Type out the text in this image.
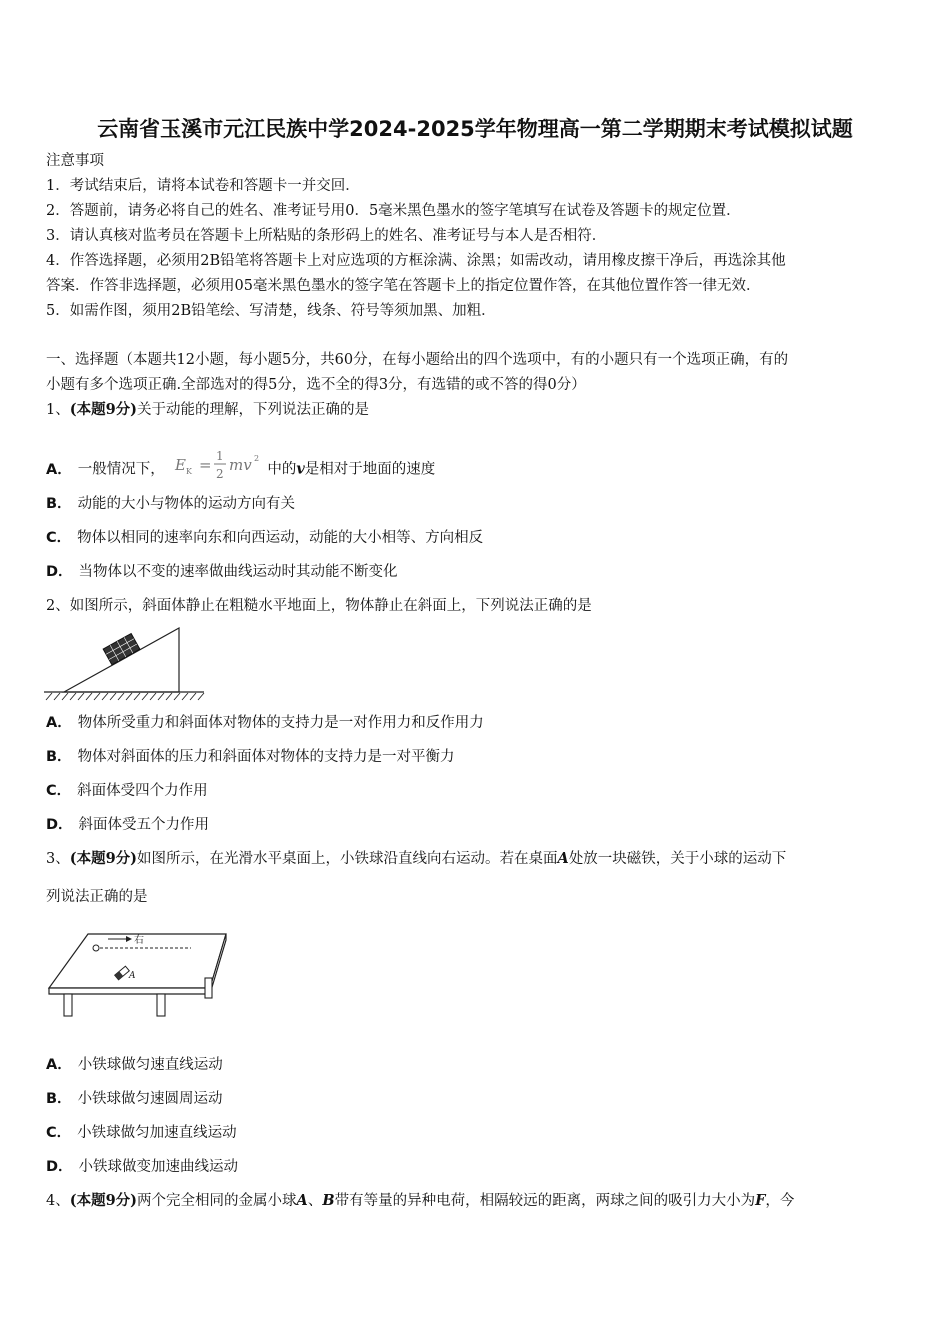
云南省玉溪市元江民族中学2024-2025学年物理高一第二学期期末考试模拟试题
注意事项
1．考试结束后，请将本试卷和答题卡一并交回．
2．答题前，请务必将自己的姓名、准考证号用0．5毫米黑色墨水的签字笔填写在试卷及答题卡的规定位置．
3．请认真核对监考员在答题卡上所粘贴的条形码上的姓名、准考证号与本人是否相符．
4．作答选择题，必须用2B铅笔将答题卡上对应选项的方框涂满、涂黑；如需改动，请用橡皮擦干净后，再选涂其他
答案．作答非选择题，必须用05毫米黑色墨水的签字笔在答题卡上的指定位置作答，在其他位置作答一律无效．
5．如需作图，须用2B铅笔绘、写清楚，线条、符号等须加黑、加粗．
一、选择题（本题共12小题，每小题5分，共60分，在每小题给出的四个选项中，有的小题只有一个选项正确，有的
小题有多个选项正确.全部选对的得5分，选不全的得3分，有选错的或不答的得0分）
1、(本题9分)关于动能的理解，下列说法正确的是
A． 一般情况下， E K = 1
2 mv 2
中的v是相对于地面的速度
B． 动能的大小与物体的运动方向有关
C． 物体以相同的速率向东和向西运动，动能的大小相等、方向相反
D． 当物体以不变的速率做曲线运动时其动能不断变化
2、如图所示，斜面体静止在粗糙水平地面上，物体静止在斜面上，下列说法正确的是
A． 物体所受重力和斜面体对物体的支持力是一对作用力和反作用力
B． 物体对斜面体的压力和斜面体对物体的支持力是一对平衡力
C． 斜面体受四个力作用
D． 斜面体受五个力作用
3、(本题9分)如图所示，在光滑水平桌面上，小铁球沿直线向右运动。若在桌面A处放一块磁铁，关于小球的运动下
列说法正确的是
右
A
A． 小铁球做匀速直线运动
B． 小铁球做匀速圆周运动
C． 小铁球做匀加速直线运动
D． 小铁球做变加速曲线运动
4、(本题9分)两个完全相同的金属小球A、B带有等量的异种电荷，相隔较远的距离，两球之间的吸引力大小为F，今
